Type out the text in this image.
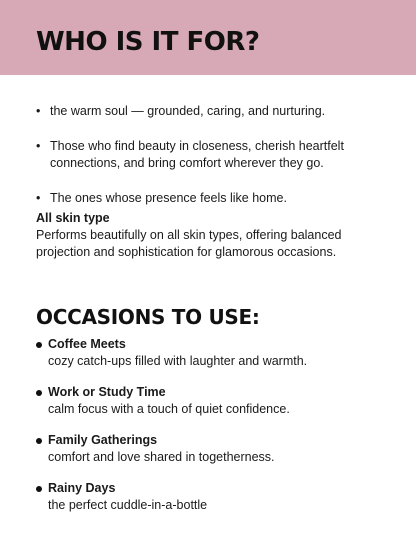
WHO IS IT FOR?
• the warm soul — grounded, caring, and nurturing.
• Those who find beauty in closeness, cherish heartfelt connections, and bring comfort wherever they go.
• The ones whose presence feels like home.

All skin type

Performs beautifully on all skin types, offering balanced projection and sophistication for glamorous occasions.

OCCASIONS TO USE:
Coffee Meets
cozy catch-ups filled with laughter and warmth.
Work or Study Time
calm focus with a touch of quiet confidence.
Family Gatherings
comfort and love shared in togetherness.
Rainy Days
the perfect cuddle-in-a-bottle
